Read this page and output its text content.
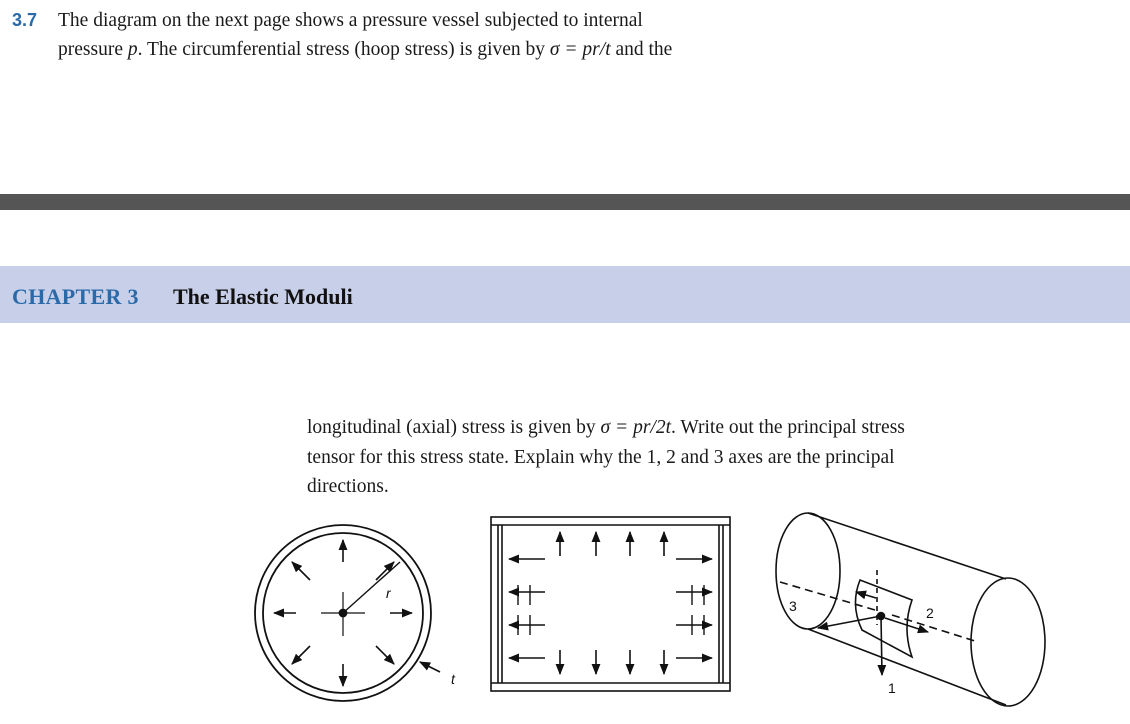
3.7 The diagram on the next page shows a pressure vessel subjected to internal
pressure p. The circumferential stress (hoop stress) is given by σ = pr/t and the
CHAPTER 3 The Elastic Moduli
longitudinal (axial) stress is given by σ = pr/2t. Write out the principal stress
tensor for this stress state. Explain why the 1, 2 and 3 axes are the principal
directions.
r
t
3	2
1
